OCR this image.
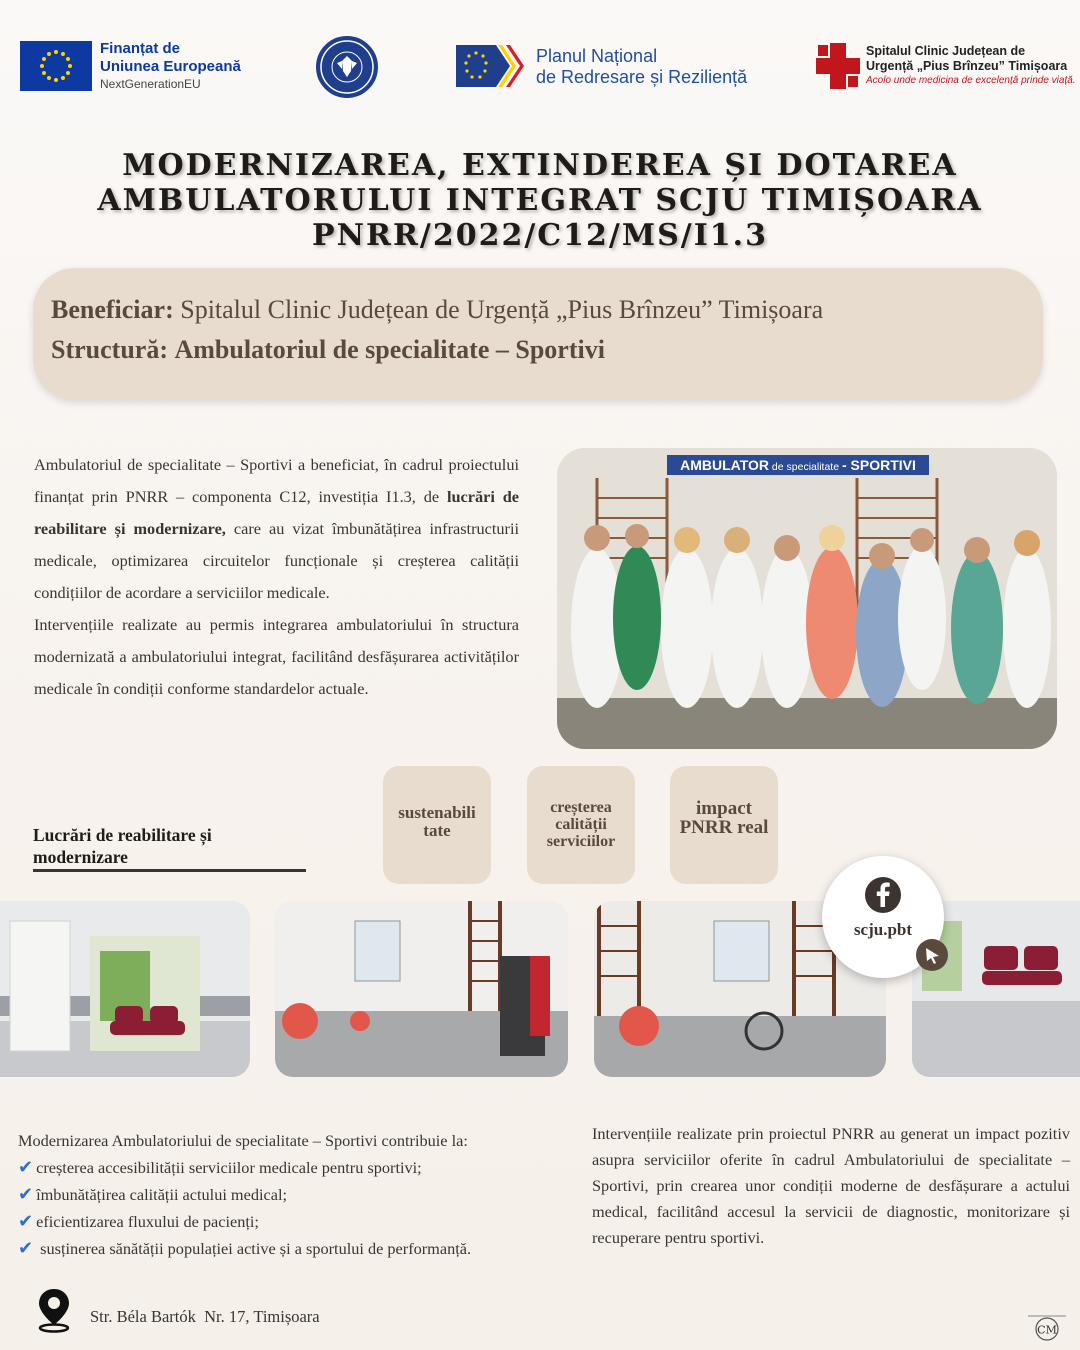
Finanțat de
Uniunea Europeană
NextGenerationEU
Planul Național
de Redresare și Reziliență
Spitalul Clinic Județean de
Urgență „Pius Brînzeu” Timișoara
Acolo unde medicina de excelență prinde viață.
MODERNIZAREA, EXTINDEREA ȘI DOTAREA
AMBULATORULUI INTEGRAT SCJU TIMIȘOARA
PNRR/2022/C12/MS/I1.3
Beneficiar: Spitalul Clinic Județean de Urgență „Pius Brînzeu” Timișoara
Structură: Ambulatoriul de specialitate – Sportivi

Ambulatoriul de specialitate – Sportivi a beneficiat, în cadrul proiectului finanțat prin PNRR – componenta C12, investiția I1.3, de lucrări de reabilitare și modernizare, care au vizat îmbunătățirea infrastructurii medicale, optimizarea circuitelor funcționale și creșterea calității condițiilor de acordare a serviciilor medicale.

Intervențiile realizate au permis integrarea ambulatoriului în structura modernizată a ambulatoriului integrat, facilitând desfășurarea activităților medicale în condiții conforme standardelor actuale.

AMBULATOR de specialitate - SPORTIVI
sustenabili
tate
creșterea
calității
serviciilor
impact
PNRR real
Lucrări de reabilitare și
modernizare
scju.pbt
Modernizarea Ambulatoriului de specialitate – Sportivi contribuie la:
✔ creșterea accesibilității serviciilor medicale pentru sportivi;
✔ îmbunătățirea calității actului medical;
✔ eficientizarea fluxului de pacienți;
✔ susținerea sănătății populației active și a sportului de performanță.
Intervențiile realizate prin proiectul PNRR au generat un impact pozitiv asupra serviciilor oferite în cadrul Ambulatoriului de specialitate – Sportivi, prin crearea unor condiții moderne de desfășurare a actului medical, facilitând accesul la servicii de diagnostic, monitorizare și recuperare pentru sportivi.
Str. Béla Bartók  Nr. 17, Timișoara
CM
